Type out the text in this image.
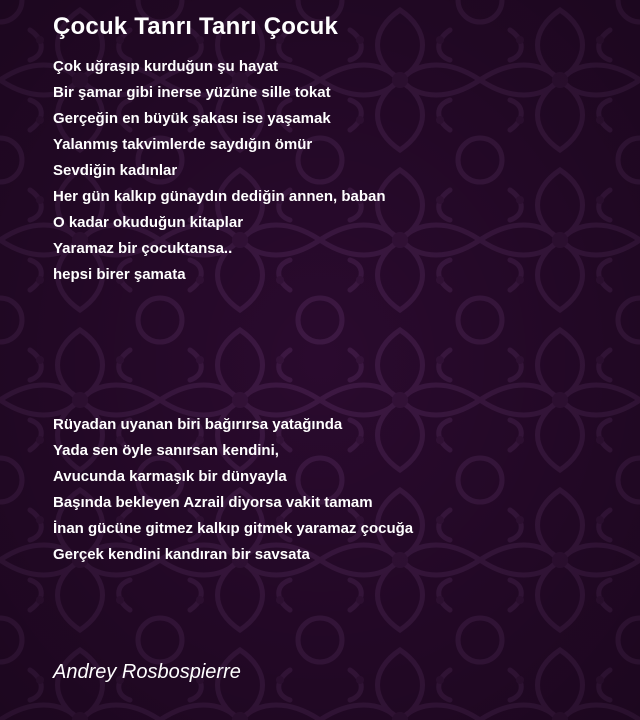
Çocuk Tanrı Tanrı Çocuk
Çok uğraşıp kurduğun şu hayat
Bir şamar gibi inerse yüzüne sille tokat
Gerçeğin en büyük şakası ise yaşamak
Yalanmış takvimlerde saydığın ömür
Sevdiğin kadınlar
Her gün kalkıp günaydın dediğin annen, baban
O kadar okuduğun kitaplar
Yaramaz bir çocuktansa..
hepsi birer şamata
Rüyadan uyanan biri bağırırsa yatağında
Yada sen öyle sanırsan kendini,
Avucunda karmaşık bir dünyayla
Başında bekleyen Azrail diyorsa vakit tamam
İnan gücüne gitmez kalkıp gitmek yaramaz çocuğa
Gerçek kendini kandıran bir savsata

Andrey Rosbospierre
